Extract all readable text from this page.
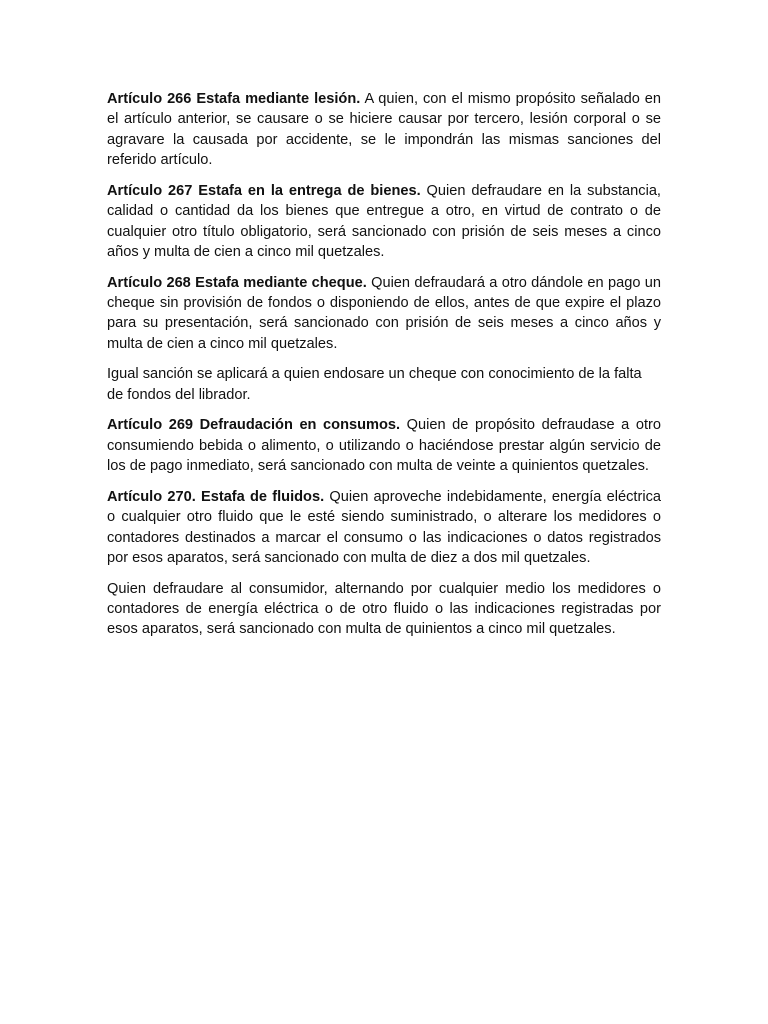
Artículo 266 Estafa mediante lesión. A quien, con el mismo propósito señalado en el artículo anterior, se causare o se hiciere causar por tercero, lesión corporal o se agravare la causada por accidente, se le impondrán las mismas sanciones del referido artículo.

Artículo 267 Estafa en la entrega de bienes. Quien defraudare en la substancia, calidad o cantidad da los bienes que entregue a otro, en virtud de contrato o de cualquier otro título obligatorio, será sancionado con prisión de seis meses a cinco años y multa de cien a cinco mil quetzales.

Artículo 268 Estafa mediante cheque. Quien defraudará a otro dándole en pago un cheque sin provisión de fondos o disponiendo de ellos, antes de que expire el plazo para su presentación, será sancionado con prisión de seis meses a cinco años y multa de cien a cinco mil quetzales.

Igual sanción se aplicará a quien endosare un cheque con conocimiento de la falta de fondos del librador.

Artículo 269 Defraudación en consumos. Quien de propósito defraudase a otro consumiendo bebida o alimento, o utilizando o haciéndose prestar algún servicio de los de pago inmediato, será sancionado con multa de veinte a quinientos quetzales.

Artículo 270. Estafa de fluidos. Quien aproveche indebidamente, energía eléctrica o cualquier otro fluido que le esté siendo suministrado, o alterare los medidores o contadores destinados a marcar el consumo o las indicaciones o datos registrados por esos aparatos, será sancionado con multa de diez a dos mil quetzales.

Quien defraudare al consumidor, alternando por cualquier medio los medidores o contadores de energía eléctrica o de otro fluido o las indicaciones registradas por esos aparatos, será sancionado con multa de quinientos a cinco mil quetzales.
